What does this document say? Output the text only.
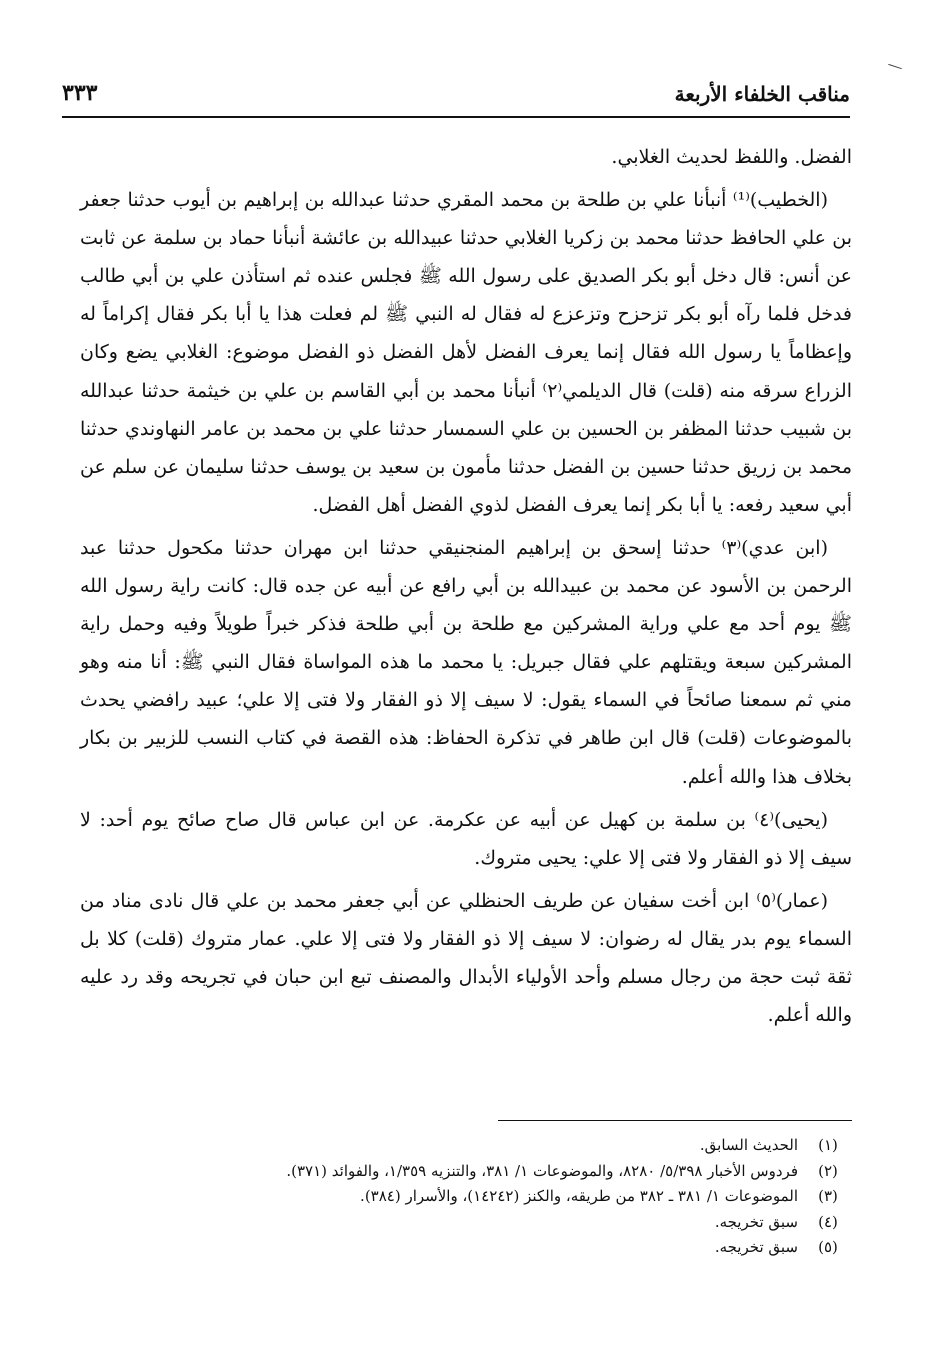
مناقب الخلفاء الأربعة
٣٣٣

الفضل. واللفظ لحديث الغلابي.

(الخطيب)⁽¹⁾ أنبأنا علي بن طلحة بن محمد المقري حدثنا عبدالله بن إبراهيم بن أيوب حدثنا جعفر بن علي الحافظ حدثنا محمد بن زكريا الغلابي حدثنا عبيدالله بن عائشة أنبأنا حماد بن سلمة عن ثابت عن أنس: قال دخل أبو بكر الصديق على رسول الله ﷺ فجلس عنده ثم استأذن علي بن أبي طالب فدخل فلما رآه أبو بكر تزحزح وتزعزع له فقال له النبي ﷺ لم فعلت هذا يا أبا بكر فقال إكراماً له وإعظاماً يا رسول الله فقال إنما يعرف الفضل لأهل الفضل ذو الفضل موضوع: الغلابي يضع وكان الزراع سرقه منه (قلت) قال الديلمي⁽٢⁾ أنبأنا محمد بن أبي القاسم بن علي بن خيثمة حدثنا عبدالله بن شبيب حدثنا المظفر بن الحسين بن علي السمسار حدثنا علي بن محمد بن عامر النهاوندي حدثنا محمد بن زريق حدثنا حسين بن الفضل حدثنا مأمون بن سعيد بن يوسف حدثنا سليمان عن سلم عن أبي سعيد رفعه: يا أبا بكر إنما يعرف الفضل لذوي الفضل أهل الفضل.

(ابن عدي)⁽٣⁾ حدثنا إسحق بن إبراهيم المنجنيقي حدثنا ابن مهران حدثنا مكحول حدثنا عبد الرحمن بن الأسود عن محمد بن عبيدالله بن أبي رافع عن أبيه عن جده قال: كانت راية رسول الله ﷺ يوم أحد مع علي وراية المشركين مع طلحة بن أبي طلحة فذكر خبراً طويلاً وفيه وحمل راية المشركين سبعة ويقتلهم علي فقال جبريل: يا محمد ما هذه المواساة فقال النبي ﷺ: أنا منه وهو مني ثم سمعنا صائحاً في السماء يقول: لا سيف إلا ذو الفقار ولا فتى إلا علي؛ عبيد رافضي يحدث بالموضوعات (قلت) قال ابن طاهر في تذكرة الحفاظ: هذه القصة في كتاب النسب للزبير بن بكار بخلاف هذا والله أعلم.

(يحيى)⁽٤⁾ بن سلمة بن كهيل عن أبيه عن عكرمة. عن ابن عباس قال صاح صائح يوم أحد: لا سيف إلا ذو الفقار ولا فتى إلا علي: يحيى متروك.

(عمار)⁽٥⁾ ابن أخت سفيان عن طريف الحنظلي عن أبي جعفر محمد بن علي قال نادى مناد من السماء يوم بدر يقال له رضوان: لا سيف إلا ذو الفقار ولا فتى إلا علي. عمار متروك (قلت) كلا بل ثقة ثبت حجة من رجال مسلم وأحد الأولياء الأبدال والمصنف تبع ابن حبان في تجريحه وقد رد عليه والله أعلم.

(١)
الحديث السابق.
(٢)
فردوس الأخبار ٥/٣٩٨/ ٨٢٨٠، والموضوعات ١/ ٣٨١، والتنزيه ١/٣٥٩، والفوائد (٣٧١).
(٣)
الموضوعات ١/ ٣٨١ ـ ٣٨٢ من طريقه، والكنز (١٤٢٤٢)، والأسرار (٣٨٤).
(٤)
سبق تخريجه.
(٥)
سبق تخريجه.
